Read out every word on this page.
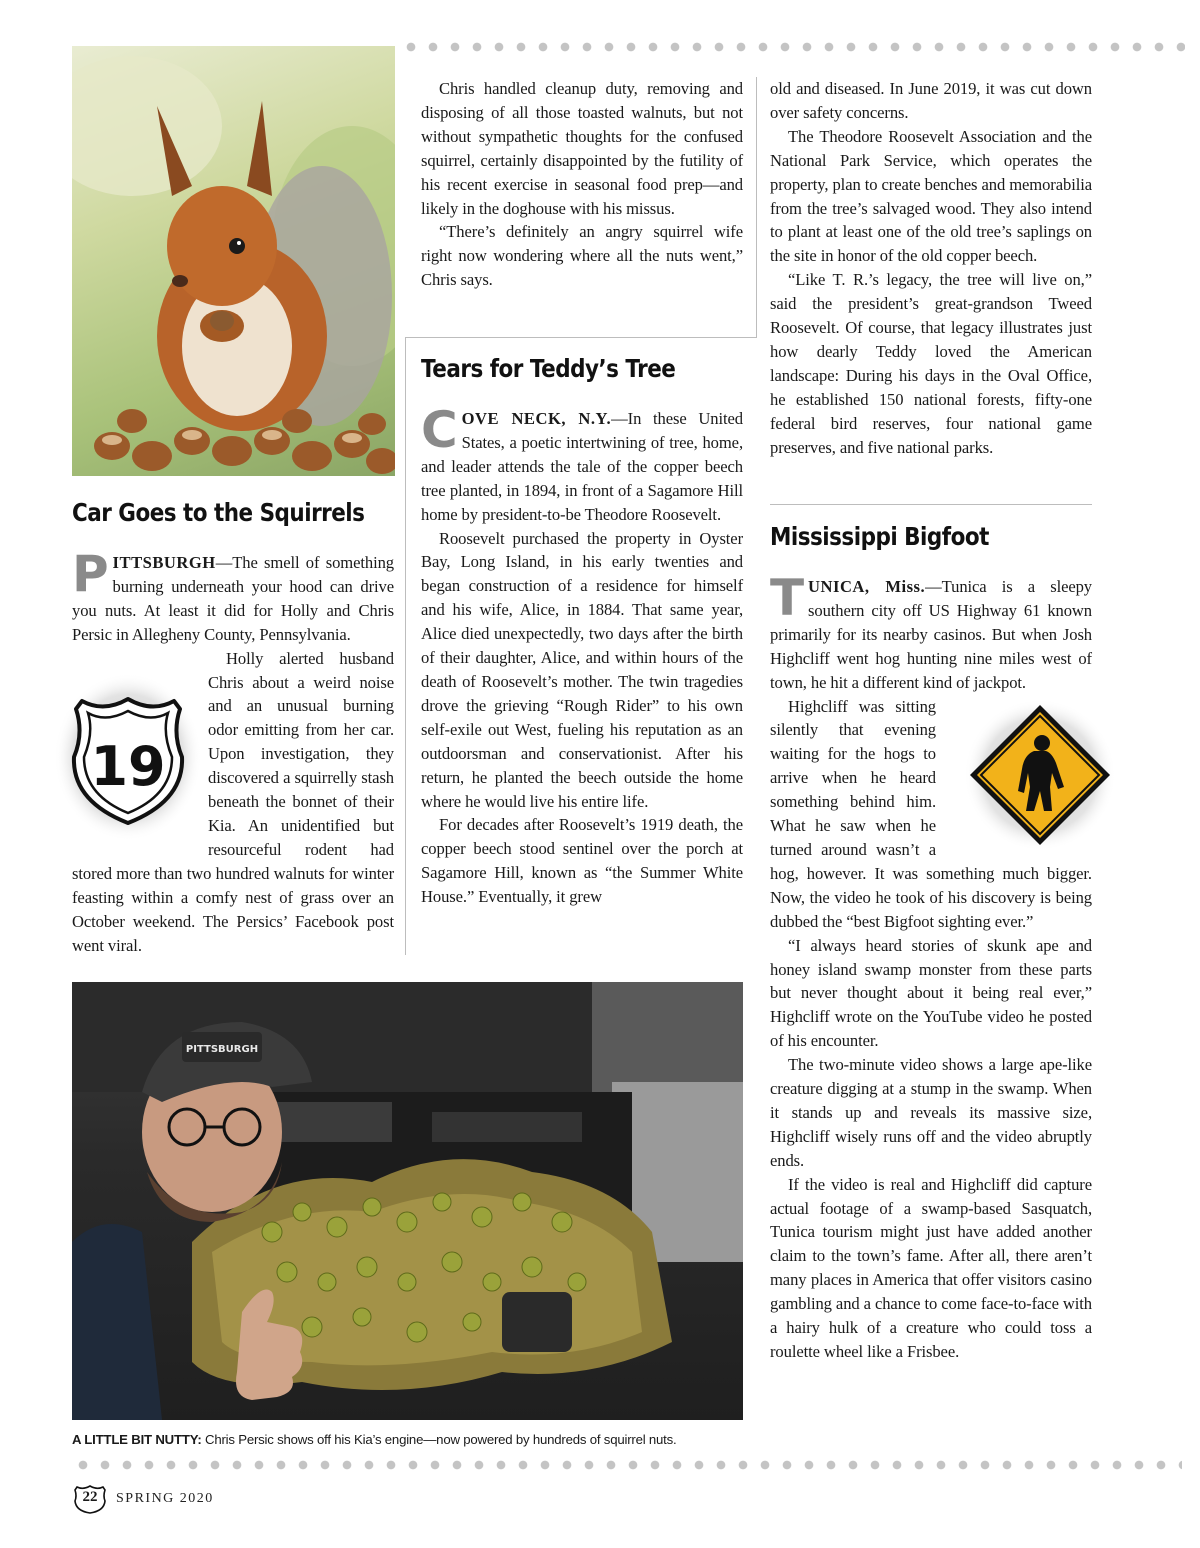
Car Goes to the Squirrels

PITTSBURGH—The smell of something burning underneath your hood can drive you nuts. At least it did for Holly and Chris Persic in Allegheny County, Pennsylvania.

19
Holly alerted husband Chris about a weird noise and an unusual burning odor emitting from her car. Upon investigation, they discovered a squirrelly stash beneath the bonnet of their Kia. An unidentified but resourceful rodent had stored more than two hundred walnuts for winter feasting within a comfy nest of grass over an October weekend. The Persics’ Facebook post went viral.

Chris handled cleanup duty, removing and disposing of all those toasted walnuts, but not without sympathetic thoughts for the confused squirrel, certainly disappointed by the futility of his recent exercise in seasonal food prep—and likely in the doghouse with his missus.

“There’s definitely an angry squirrel wife right now wondering where all the nuts went,” Chris says.

Tears for Teddy’s Tree

COVE NECK, N.Y.—In these United States, a poetic intertwining of tree, home, and leader attends the tale of the copper beech tree planted, in 1894, in front of a Sagamore Hill home by president-to-be Theodore Roosevelt.

Roosevelt purchased the property in Oyster Bay, Long Island, in his early twenties and began construction of a residence for himself and his wife, Alice, in 1884. That same year, Alice died unexpectedly, two days after the birth of their daughter, Alice, and within hours of the death of Roosevelt’s mother. The twin tragedies drove the grieving “Rough Rider” to his own self-exile out West, fueling his reputation as an outdoorsman and conservationist. After his return, he planted the beech outside the home where he would live his entire life.

For decades after Roosevelt’s 1919 death, the copper beech stood sentinel over the porch at Sagamore Hill, known as “the Summer White House.” Eventually, it grew

old and diseased. In June 2019, it was cut down over safety concerns.

The Theodore Roosevelt Association and the National Park Service, which operates the property, plan to create benches and memorabilia from the tree’s salvaged wood. They also intend to plant at least one of the old tree’s saplings on the site in honor of the old copper beech.

“Like T. R.’s legacy, the tree will live on,” said the president’s great-grandson Tweed Roosevelt. Of course, that legacy illustrates just how dearly Teddy loved the American landscape: During his days in the Oval Office, he established 150 national forests, fifty-one federal bird reserves, four national game preserves, and five national parks.

Mississippi Bigfoot

TUNICA, Miss.—Tunica is a sleepy southern city off US Highway 61 known primarily for its nearby casinos. But when Josh Highcliff went hog hunting nine miles west of town, he hit a different kind of jackpot.

Highcliff was sitting silently that evening waiting for the hogs to arrive when he heard something behind him. What he saw when he turned around wasn’t a hog, however. It was something much bigger. Now, the video he took of his discovery is being dubbed the “best Bigfoot sighting ever.”

“I always heard stories of skunk ape and honey island swamp monster from these parts but never thought about it being real ever,” Highcliff wrote on the YouTube video he posted of his encounter.

The two-minute video shows a large ape-like creature digging at a stump in the swamp. When it stands up and reveals its massive size, Highcliff wisely runs off and the video abruptly ends.

If the video is real and Highcliff did capture actual footage of a swamp-based Sasquatch, Tunica tourism might just have added another claim to the town’s fame. After all, there aren’t many places in America that offer visitors casino gambling and a chance to come face-to-face with a hairy hulk of a creature who could toss a roulette wheel like a Frisbee.

PITTSBURGH
A LITTLE BIT NUTTY: Chris Persic shows off his Kia’s engine—now powered by hundreds of squirrel nuts.
22	SPRING 2020
